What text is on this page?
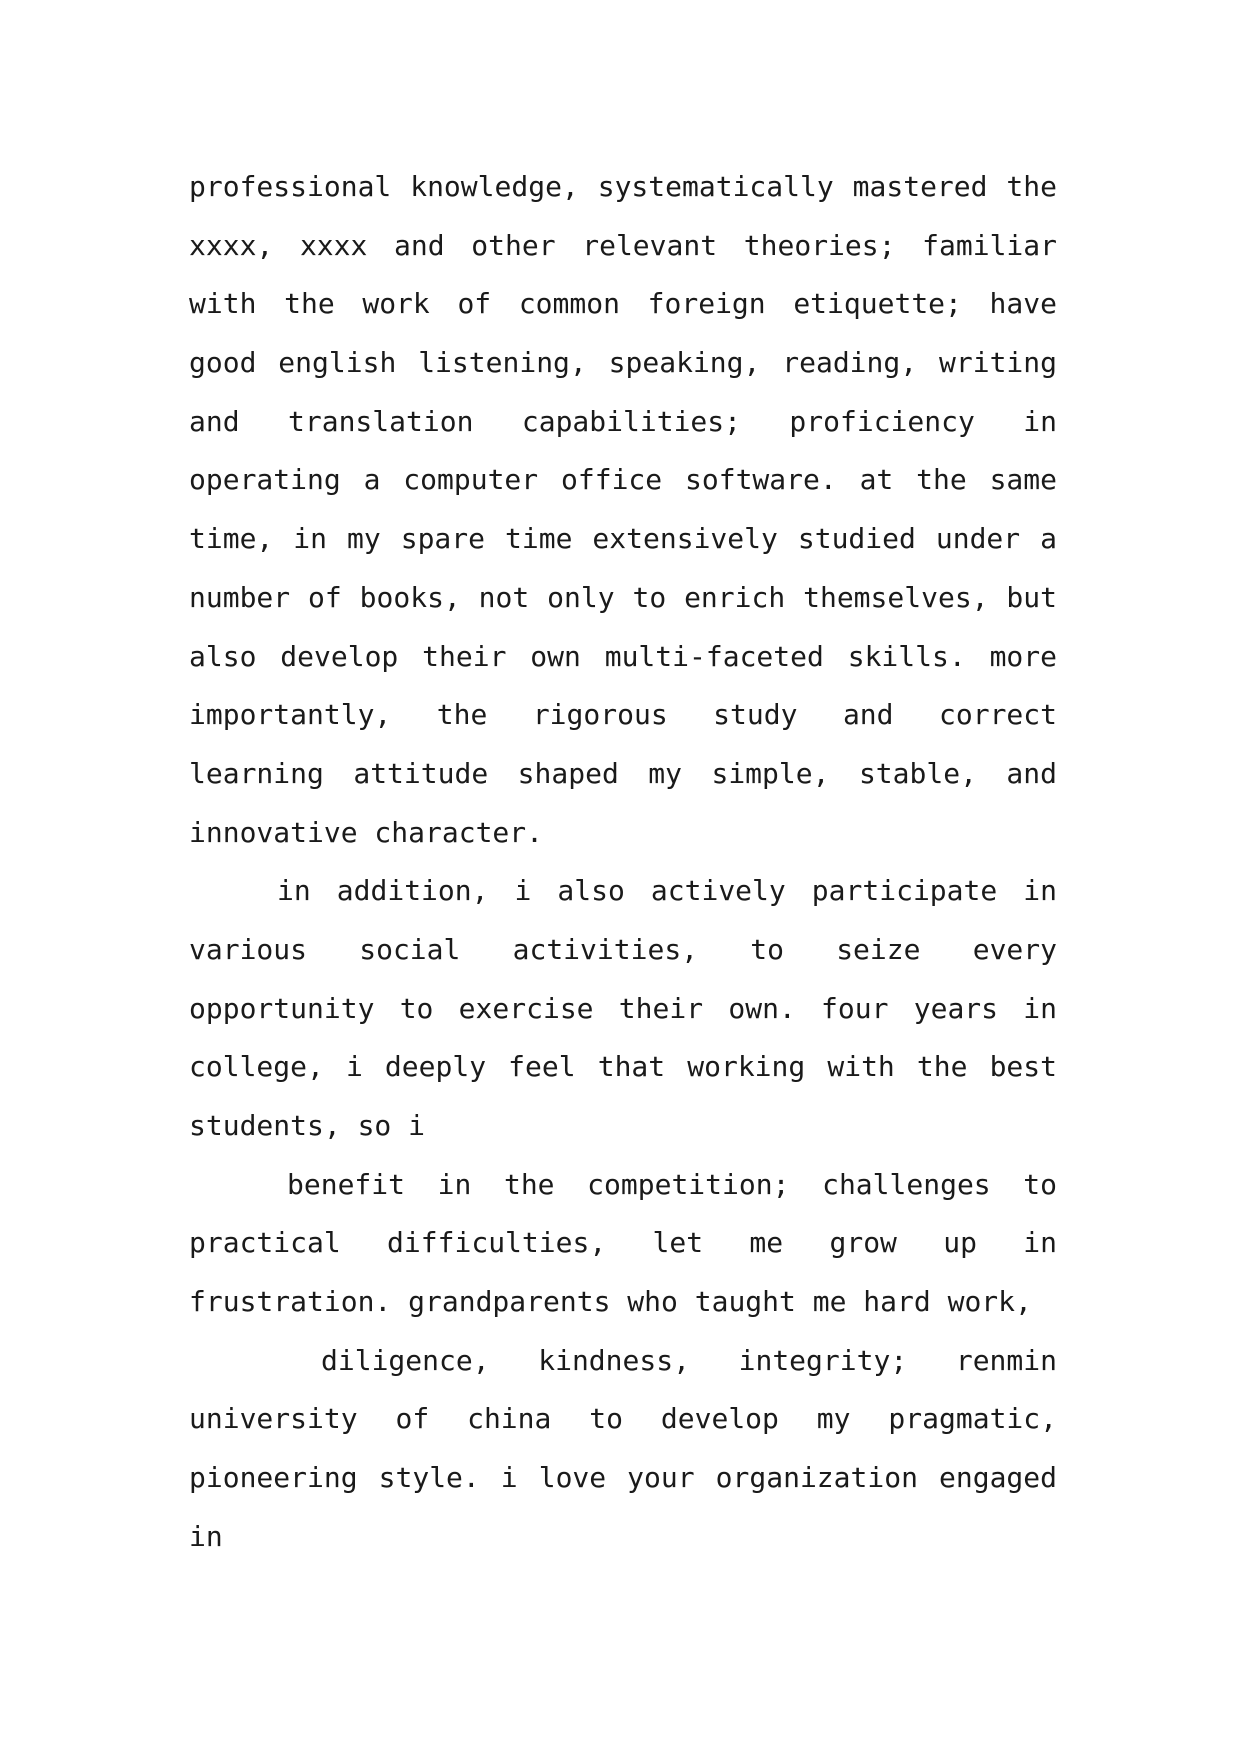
professional knowledge, systematically mastered the
xxxx, xxxx and other relevant theories; familiar
with the work of common foreign etiquette; have
good english listening, speaking, reading, writing
and translation capabilities; proficiency in
operating a computer office software. at the same
time, in my spare time extensively studied under a
number of books, not only to enrich themselves, but
also develop their own multi-faceted skills. more
importantly, the rigorous study and correct
learning attitude shaped my simple, stable, and
innovative character.
in addition, i also actively participate in
various social activities, to seize every
opportunity to exercise their own. four years in
college, i deeply feel that working with the best
students, so i
benefit in the competition; challenges to
practical difficulties, let me grow up in
frustration. grandparents who taught me hard work,
diligence, kindness, integrity; renmin
university of china to develop my pragmatic,
pioneering style. i love your organization engaged
in
